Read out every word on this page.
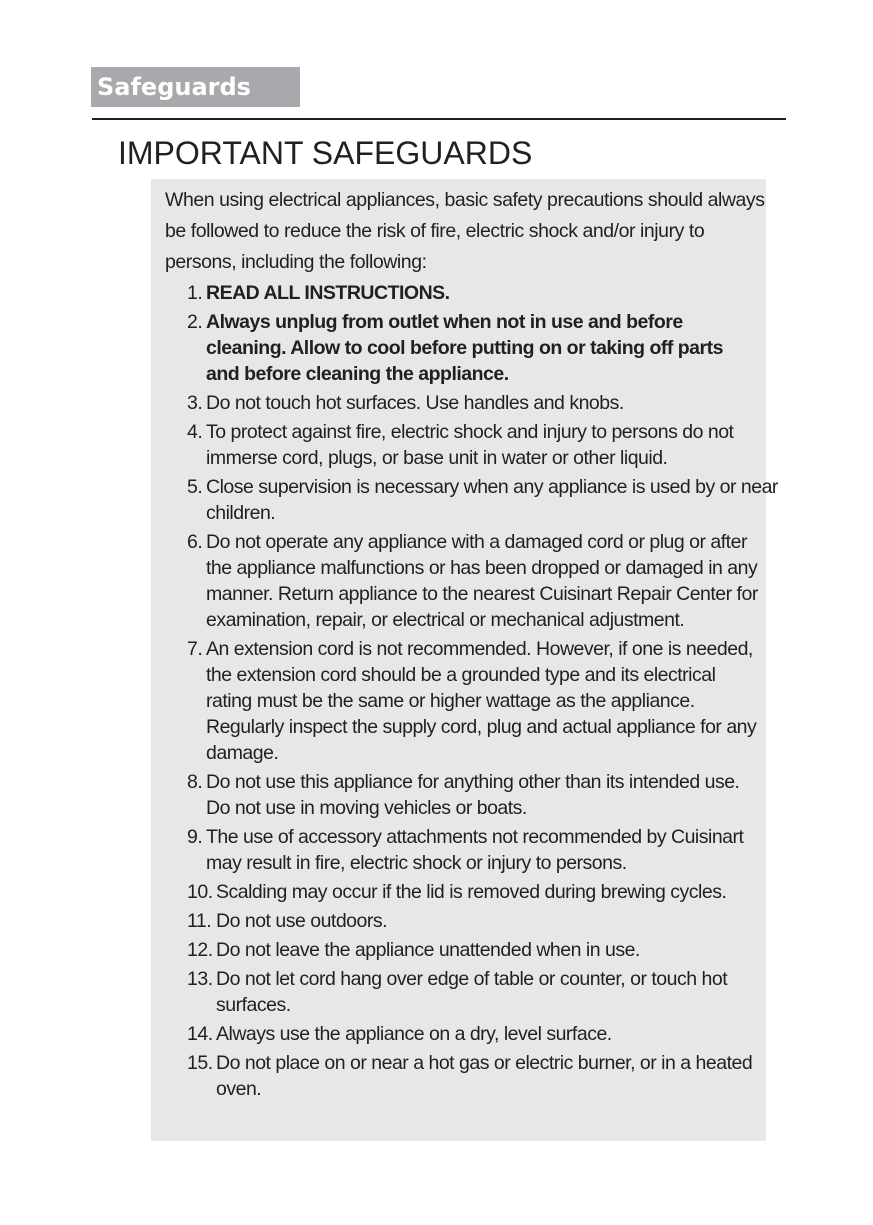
Safeguards
IMPORTANT SAFEGUARDS

When using electrical appliances, basic safety precautions should always
be followed to reduce the risk of fire, electric shock and/or injury to
persons, including the following:

1. READ ALL INSTRUCTIONS.
2. Always unplug from outlet when not in use and before
cleaning. Allow to cool before putting on or taking off parts
and before cleaning the appliance.
3. Do not touch hot surfaces. Use handles and knobs.
4. To protect against fire, electric shock and injury to persons do not
immerse cord, plugs, or base unit in water or other liquid.
5. Close supervision is necessary when any appliance is used by or near
children.
6. Do not operate any appliance with a damaged cord or plug or after
the appliance malfunctions or has been dropped or damaged in any
manner. Return appliance to the nearest Cuisinart Repair Center for
examination, repair, or electrical or mechanical adjustment.
7. An extension cord is not recommended. However, if one is needed,
the extension cord should be a grounded type and its electrical
rating must be the same or higher wattage as the appliance.
Regularly inspect the supply cord, plug and actual appliance for any
damage.
8. Do not use this appliance for anything other than its intended use.
Do not use in moving vehicles or boats.
9. The use of accessory attachments not recommended by Cuisinart
may result in fire, electric shock or injury to persons.
10. Scalding may occur if the lid is removed during brewing cycles.
11. Do not use outdoors.
12. Do not leave the appliance unattended when in use.
13. Do not let cord hang over edge of table or counter, or touch hot
surfaces.
14. Always use the appliance on a dry, level surface.
15. Do not place on or near a hot gas or electric burner, or in a heated
oven.
